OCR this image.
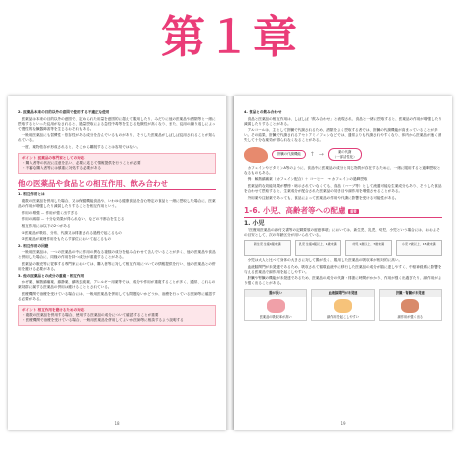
第１章

2. 医薬品本来の目的以外の意図で使用する不適正な使用

　医薬品は本来の目的以外の意図で、定められた用量を意図的に超えて服用したり、みだりに他の医薬品や酒類等と一緒に摂取するといった乱用がなされると、過量摂取による急性中毒等を生じる危険性が高くなり、また、乱用の繰り返しによって慢性的な臓器障害等を生じるおそれもある。

　一般用医薬品にも習慣性・依存性がある成分を含んでいるものがあり、そうした医薬品がしばしば乱用されることが知られている。

　一度、薬物依存が形成されると、そこから離脱することは容易ではない。

ポイント 医薬品の専門家としての対応
・購入者等の状況に注意を払い、必要に応じて情報提供を行うことが必要
・不審な購入者等には慎重に対処する必要がある
他の医薬品や食品との相互作用、飲み合わせ

1. 相互作用とは

　複数の医薬品を併用した場合、又は保健機能食品や、いわゆる健康食品を含む特定の食品と一緒に摂取した場合に、医薬品の作用が増強したり減弱したりすることを相互作用という。

　作用の増強 … 作用が強く出すぎる

　作用の減弱 … 十分な効果が得られない、などの不都合を生じる

　相互作用には以下の2つがある

　①医薬品が吸収、分布、代謝又は排泄される過程で起こるもの

　②医薬品が薬理作用をもたらす部位において起こるもの

2. 相互作用の回避

　一般用医薬品は、一つの医薬品の中に作用の異なる複数の成分を組み合わせて含んでいることが多く、他の医薬品や食品と併用した場合に、同様の作用を持つ成分が重複することがある。

　医薬品の販売等に従事する専門家においては、購入者等に対して相互作用についての情報提供を行い、他の医薬品との併用を避ける必要がある。

3. 他の医薬品との成分の重複・相互作用

　かぜ薬、解熱鎮痛薬、鎮静薬、鎮咳去痰薬、アレルギー用薬等では、成分や作用が重複することが多く、通常、これらの薬効群に属する医薬品の併用は避けることとされている。

　医療機関で治療を受けている場合には、一般用医薬品を併用しても問題ないかどうか、治療を行っている医師等に確認する必要がある。

ポイント 相互作用を避けるための対応
・複数の医薬品を併用する場合、使用する医薬品の成分について確認することが重要
・医療機関で治療を受けている場合、一般用医薬品を併用してよいか医師等に相談するよう説明する
18

4. 食品との飲み合わせ

　食品と医薬品の相互作用は、しばしば「飲み合わせ」と表現され、食品と一緒に摂取すると、医薬品の作用が増強したり減弱したりすることがある。

　アルコールは、主として肝臓で代謝されるため、酒類をよく摂取する者では、肝臓の代謝機能が高まっていることが多い。その結果、肝臓で代謝されるアセトアミノフェンなどでは、通常よりも代謝されやすくなり、体内から医薬品が速く消失して十分な薬効が得られなくなることがある。

肝臓の代謝機能	↑ →	薬の代謝
（一部活性化）

　カフェインやビタミンA等のように、食品中に医薬品の成分と同じ物質が存在するために、一緒に服用すると過剰摂取となるものもある。

　例：解熱鎮痛薬（カフェイン配合）＋ コーヒー　→ カフェインの過剰摂取

　医薬品的な効能効果が標榜・暗示されていなくても、食品（ハーブ等）として流通可能な生薬成分もあり、そうした食品を合わせて摂取すると、生薬成分が配合された医薬品の効き目や副作用を増強させることがある。

　外用薬や注射薬であっても、食品によって医薬品の作用や代謝に影響を受ける可能性がある。

1-6. 小児、高齢者等への配慮 重要
1. 小児

　「医療用医薬品の添付文書等の記載要領の留意事項」においては、新生児、乳児、幼児、小児という場合には、おおよその目安として、次の年齢区分が用いられている。

新生児 生後4週未満	乳児 生後4週以上、1歳未満	幼児 1歳以上、7歳未満	小児 7歳以上、15歳未満

　小児は大人と比べて身体の大きさに対して腸が長く、服用した医薬品の吸収率が相対的に高い。

　血液脳関門が未発達であるため、吸収されて循環血液中に移行した医薬品の成分が脳に達しやすく、中枢神経系に影響を与える医薬品で副作用を起こしやすい。

　肝臓や腎臓の機能が未発達であるため、医薬品の成分の代謝・排泄に時間がかかり、作用が強く出過ぎたり、副作用がより強く出ることがある。

腸が長い
医薬品の吸収率が高い
血液脳関門が未発達
副作用を起こしやすい
肝臓・腎臓が未発達
副作用が強く出る
19
